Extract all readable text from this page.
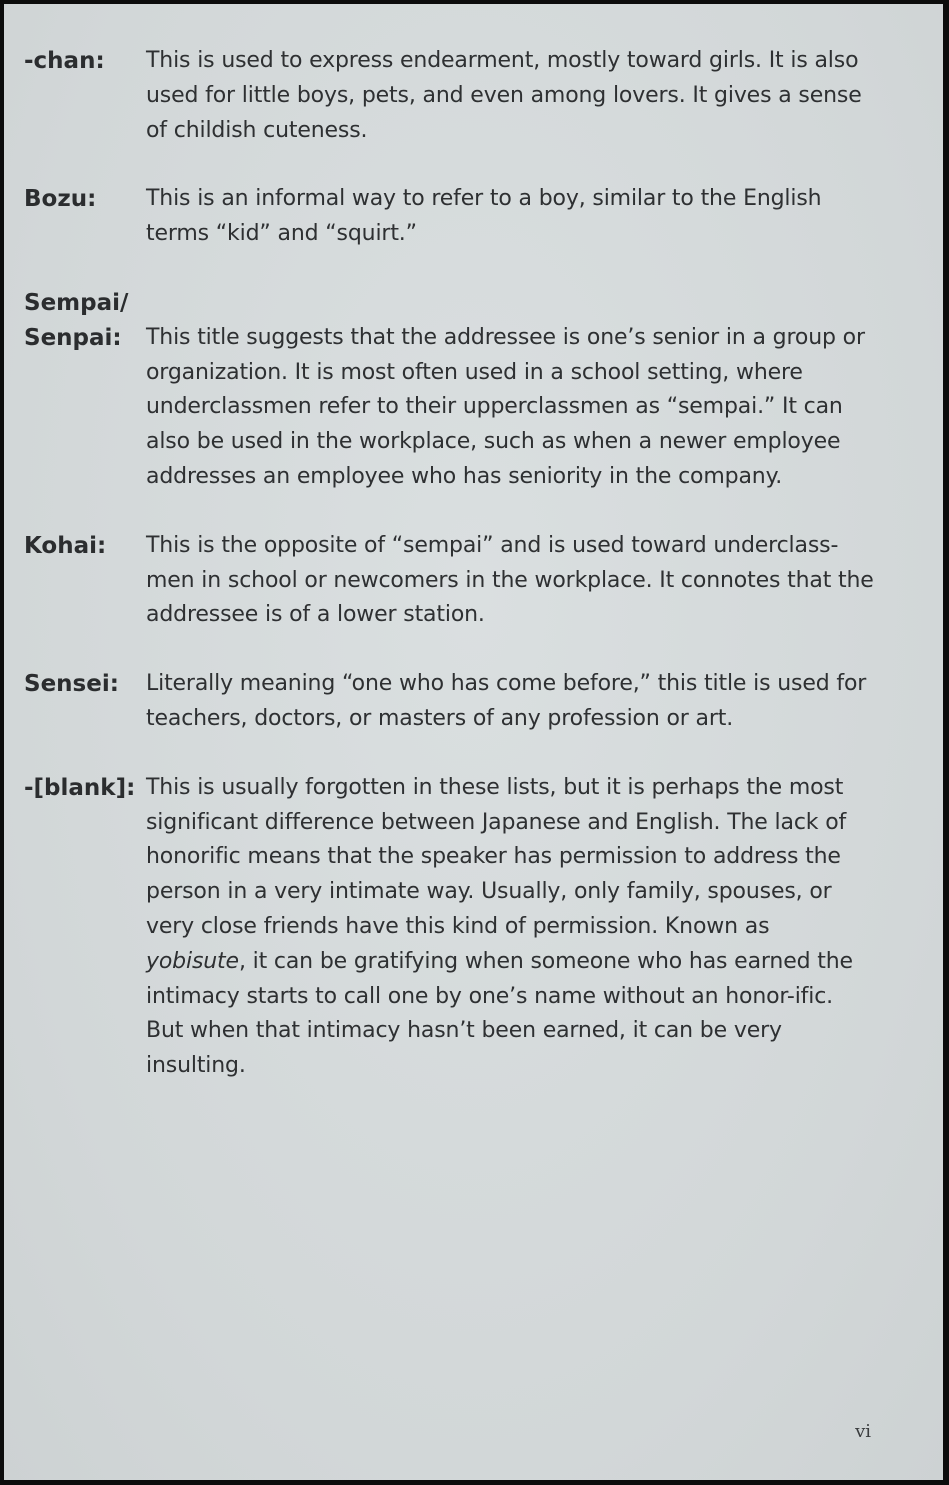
-chan:	This is used to express endearment, mostly toward girls. It is also used for little boys, pets, and even among lovers. It gives a sense of childish cuteness.

Bozu:	This is an informal way to refer to a boy, similar to the English terms “kid” and “squirt.”

Sempai/
Senpai:	This title suggests that the addressee is one’s senior in a group or organization. It is most often used in a school setting, where underclassmen refer to their upperclassmen as “sempai.” It can also be used in the workplace, such as when a newer employee addresses an employee who has seniority in the company.

Kohai:	This is the opposite of “sempai” and is used toward underclass-men in school or newcomers in the workplace. It connotes that the addressee is of a lower station.

Sensei:	Literally meaning “one who has come before,” this title is used for teachers, doctors, or masters of any profession or art.

-[blank]: This is usually forgotten in these lists, but it is perhaps the most significant difference between Japanese and English. The lack of honorific means that the speaker has permission to address the person in a very intimate way. Usually, only family, spouses, or very close friends have this kind of permission. Known as yobisute, it can be gratifying when someone who has earned the intimacy starts to call one by one’s name without an honor-ific. But when that intimacy hasn’t been earned, it can be very insulting.

vi
